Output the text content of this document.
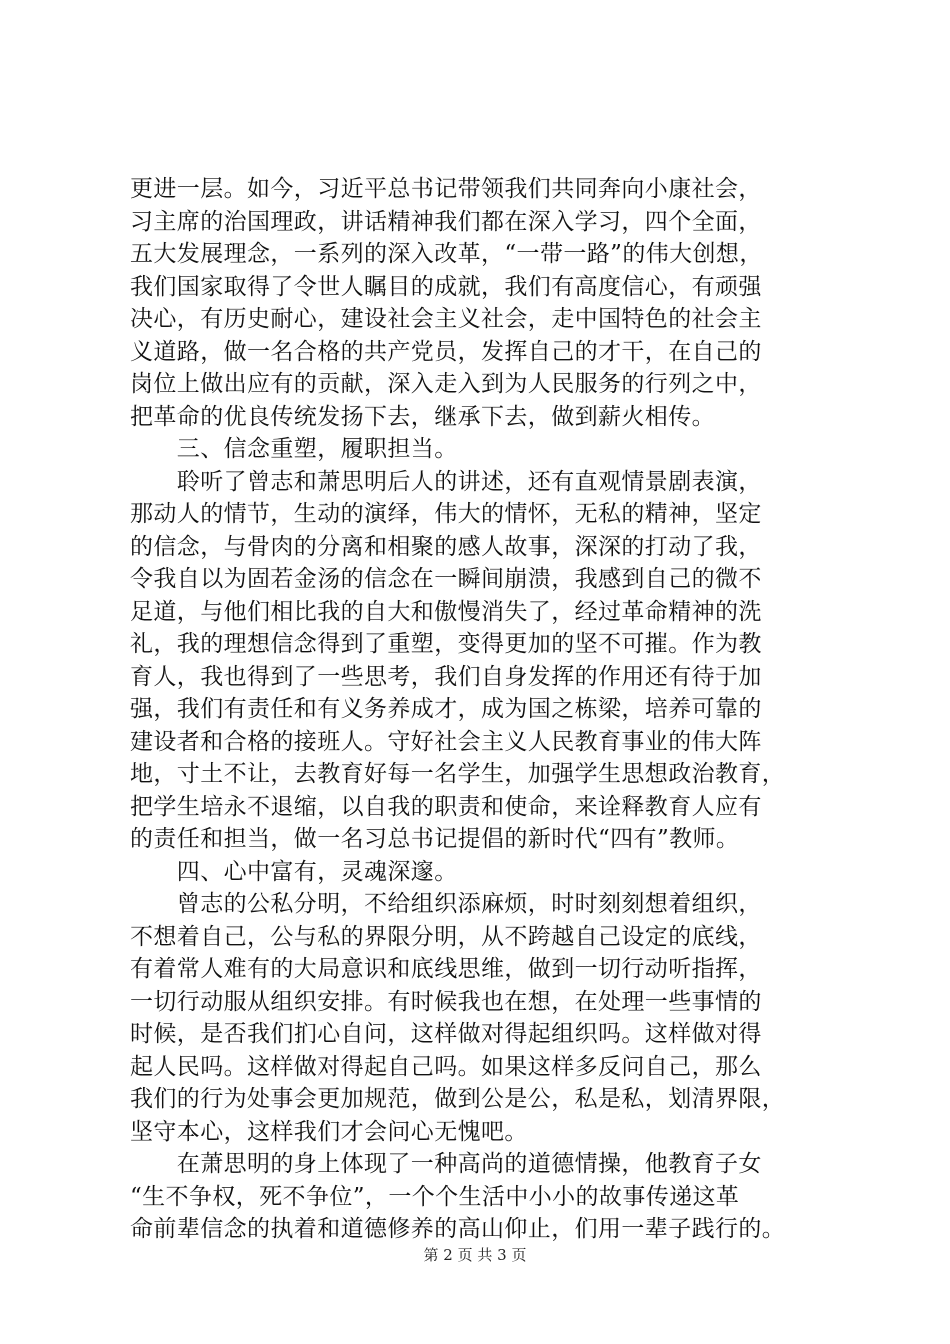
更进一层。如今，习近平总书记带领我们共同奔向小康社会，
习主席的治国理政，讲话精神我们都在深入学习，四个全面，
五大发展理念，一系列的深入改革，“一带一路”的伟大创想，
我们国家取得了令世人瞩目的成就，我们有高度信心，有顽强
决心，有历史耐心，建设社会主义社会，走中国特色的社会主
义道路，做一名合格的共产党员，发挥自己的才干，在自己的
岗位上做出应有的贡献，深入走入到为人民服务的行列之中，
把革命的优良传统发扬下去，继承下去，做到薪火相传。
　　三、信念重塑，履职担当。
　　聆听了曾志和萧思明后人的讲述，还有直观情景剧表演，
那动人的情节，生动的演绎，伟大的情怀，无私的精神，坚定
的信念，与骨肉的分离和相聚的感人故事，深深的打动了我，
令我自以为固若金汤的信念在一瞬间崩溃，我感到自己的微不
足道，与他们相比我的自大和傲慢消失了，经过革命精神的洗
礼，我的理想信念得到了重塑，变得更加的坚不可摧。作为教
育人，我也得到了一些思考，我们自身发挥的作用还有待于加
强，我们有责任和有义务养成才，成为国之栋梁，培养可靠的
建设者和合格的接班人。守好社会主义人民教育事业的伟大阵
地，寸土不让，去教育好每一名学生，加强学生思想政治教育，
把学生培永不退缩，以自我的职责和使命，来诠释教育人应有
的责任和担当，做一名习总书记提倡的新时代“四有”教师。
　　四、心中富有，灵魂深邃。
　　曾志的公私分明，不给组织添麻烦，时时刻刻想着组织，
不想着自己，公与私的界限分明，从不跨越自己设定的底线，
有着常人难有的大局意识和底线思维，做到一切行动听指挥，
一切行动服从组织安排。有时候我也在想，在处理一些事情的
时候，是否我们扪心自问，这样做对得起组织吗。这样做对得
起人民吗。这样做对得起自己吗。如果这样多反问自己，那么
我们的行为处事会更加规范，做到公是公，私是私，划清界限，
坚守本心，这样我们才会问心无愧吧。
　　在萧思明的身上体现了一种高尚的道德情操，他教育子女
“生不争权，死不争位”，一个个生活中小小的故事传递这革
命前辈信念的执着和道德修养的高山仰止，们用一辈子践行的。
第 2 页 共 3 页
